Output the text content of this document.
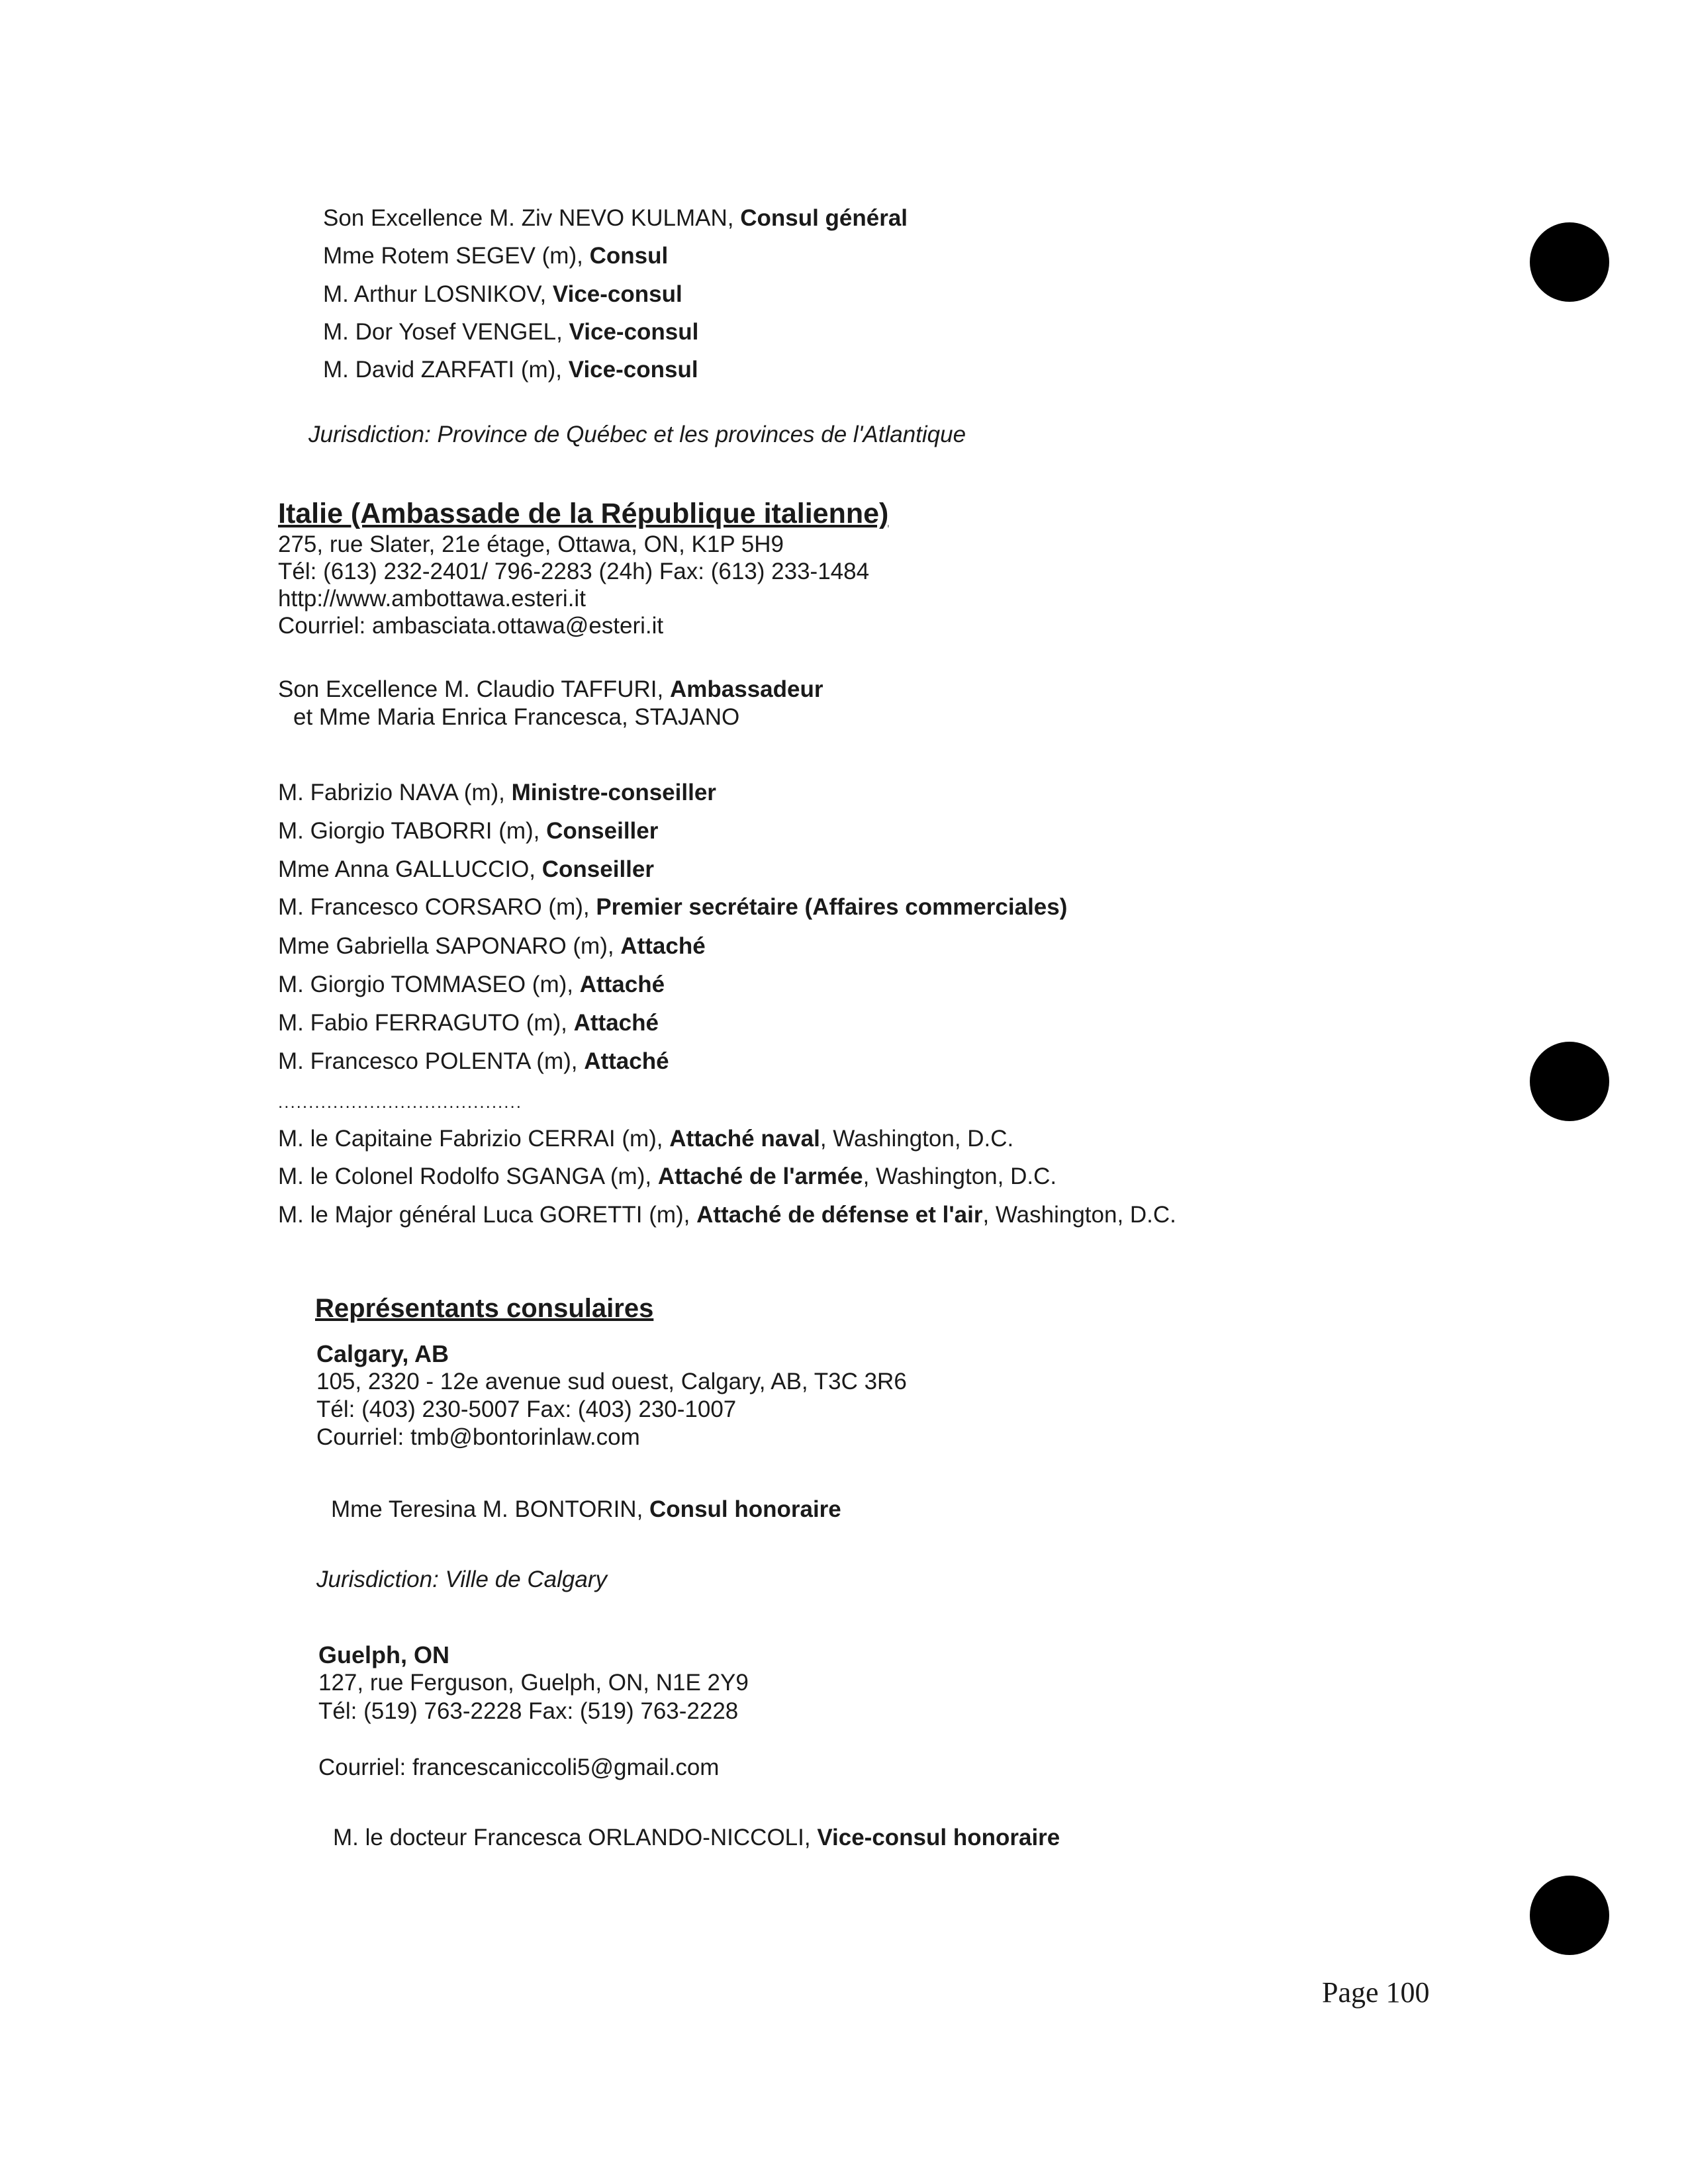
Son Excellence M. Ziv NEVO KULMAN, Consul général
Mme Rotem SEGEV (m), Consul
M. Arthur LOSNIKOV, Vice-consul
M. Dor Yosef VENGEL, Vice-consul
M. David ZARFATI (m), Vice-consul
Jurisdiction: Province de Québec et les provinces de l'Atlantique
Italie (Ambassade de la République italienne)
275, rue Slater, 21e étage, Ottawa, ON, K1P 5H9
Tél: (613) 232-2401/ 796-2283 (24h) Fax: (613) 233-1484
http://www.ambottawa.esteri.it
Courriel: ambasciata.ottawa@esteri.it
Son Excellence M. Claudio TAFFURI, Ambassadeur
et Mme Maria Enrica Francesca, STAJANO
M. Fabrizio NAVA (m), Ministre-conseiller
M. Giorgio TABORRI (m), Conseiller
Mme Anna GALLUCCIO, Conseiller
M. Francesco CORSARO (m), Premier secrétaire (Affaires commerciales)
Mme Gabriella SAPONARO (m), Attaché
M. Giorgio TOMMASEO (m), Attaché
M. Fabio FERRAGUTO (m), Attaché
M. Francesco POLENTA (m), Attaché
........................................
M. le Capitaine Fabrizio CERRAI (m), Attaché naval, Washington, D.C.
M. le Colonel Rodolfo SGANGA (m), Attaché de l'armée, Washington, D.C.
M. le Major général Luca GORETTI (m), Attaché de défense et l'air, Washington, D.C.
Représentants consulaires
Calgary, AB
105, 2320 - 12e avenue sud ouest, Calgary, AB, T3C 3R6
Tél: (403) 230-5007 Fax: (403) 230-1007
Courriel: tmb@bontorinlaw.com
Mme Teresina M. BONTORIN, Consul honoraire
Jurisdiction: Ville de Calgary
Guelph, ON
127, rue Ferguson, Guelph, ON, N1E 2Y9
Tél: (519) 763-2228 Fax: (519) 763-2228
Courriel: francescaniccoli5@gmail.com
M. le docteur Francesca ORLANDO-NICCOLI, Vice-consul honoraire
Page 100
